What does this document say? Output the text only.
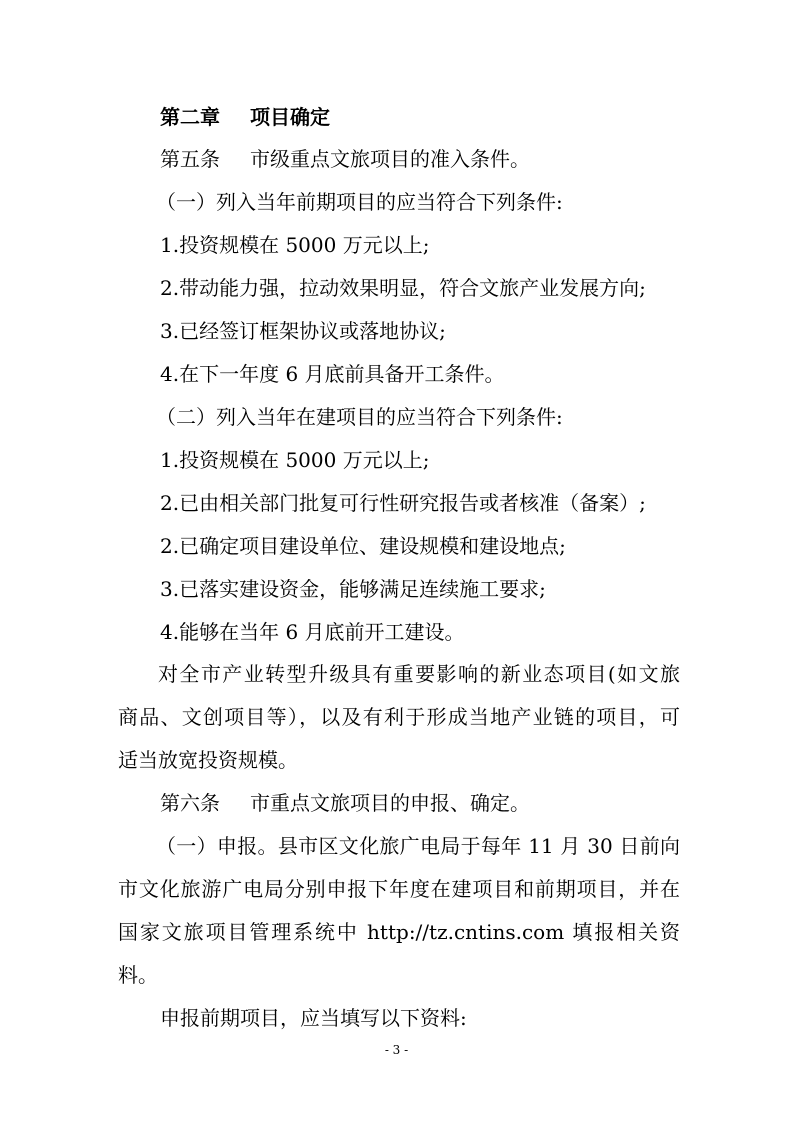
第二章 项目确定
第五条 市级重点文旅项目的准入条件。
（一）列入当年前期项目的应当符合下列条件:
1.投资规模在 5000 万元以上;
2.带动能力强，拉动效果明显，符合文旅产业发展方向;
3.已经签订框架协议或落地协议;
4.在下一年度 6 月底前具备开工条件。
（二）列入当年在建项目的应当符合下列条件:
1.投资规模在 5000 万元以上;
2.已由相关部门批复可行性研究报告或者核准（备案）;
2.已确定项目建设单位、建设规模和建设地点;
3.已落实建设资金，能够满足连续施工要求;
4.能够在当年 6 月底前开工建设。
对全市产业转型升级具有重要影响的新业态项目(如文旅
商品、文创项目等），以及有利于形成当地产业链的项目，可
适当放宽投资规模。
第六条 市重点文旅项目的申报、确定。
（一）申报。县市区文化旅广电局于每年 11 月 30 日前向
市文化旅游广电局分别申报下年度在建项目和前期项目，并在
国家文旅项目管理系统中 http://tz.cntins.com 填报相关资
料。
申报前期项目，应当填写以下资料:
- 3 -
